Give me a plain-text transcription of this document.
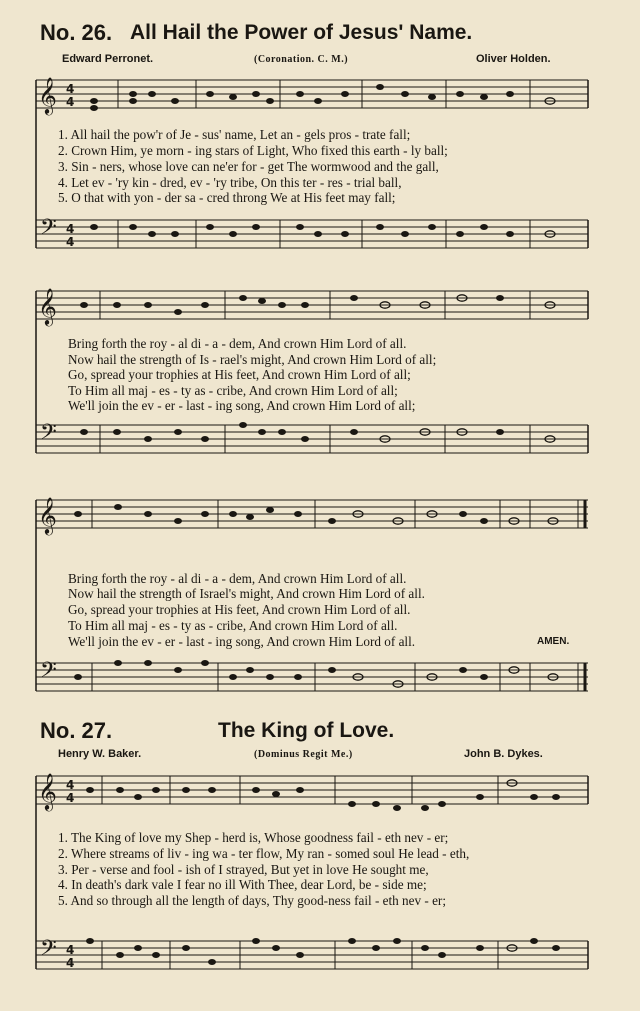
No. 26. All Hail the Power of Jesus' Name.
Edward Perronet.	(Coronation. C. M.)	Oliver Holden.
𝄞 4
4
𝄢 4
4
1. All hail the pow'r of Je - sus' name, Let an - gels pros - trate fall;
2. Crown Him, ye morn - ing stars of Light, Who fixed this earth - ly ball;
3. Sin - ners, whose love can ne'er for - get The wormwood and the gall,
4. Let ev - 'ry kin - dred, ev - 'ry tribe, On this ter - res - trial ball,
5. O that with yon - der sa - cred throng We at His feet may fall;
𝄞
𝄢
Bring forth the roy - al di - a - dem, And crown Him Lord of all.
Now hail the strength of Is - rael's might, And crown Him Lord of all;
Go, spread your trophies at His feet, And crown Him Lord of all;
To Him all maj - es - ty as - cribe, And crown Him Lord of all;
We'll join the ev - er - last - ing song, And crown Him Lord of all;
𝄞
𝄢
Bring forth the roy - al di - a - dem, And crown Him Lord of all.
Now hail the strength of Israel's might, And crown Him Lord of all.
Go, spread your trophies at His feet, And crown Him Lord of all.
To Him all maj - es - ty as - cribe, And crown Him Lord of all.
We'll join the ev - er - last - ing song, And crown Him Lord of all.	AMEN.
No. 27.	The King of Love.
Henry W. Baker.	(Dominus Regit Me.)	John B. Dykes.
𝄞 4
4
𝄢 4
4
1. The King of love my Shep - herd is, Whose goodness fail - eth nev - er;
2. Where streams of liv - ing wa - ter flow, My ran - somed soul He lead - eth,
3. Per - verse and fool - ish of I strayed, But yet in love He sought me,
4. In death's dark vale I fear no ill With Thee, dear Lord, be - side me;
5. And so through all the length of days, Thy good-ness fail - eth nev - er;
